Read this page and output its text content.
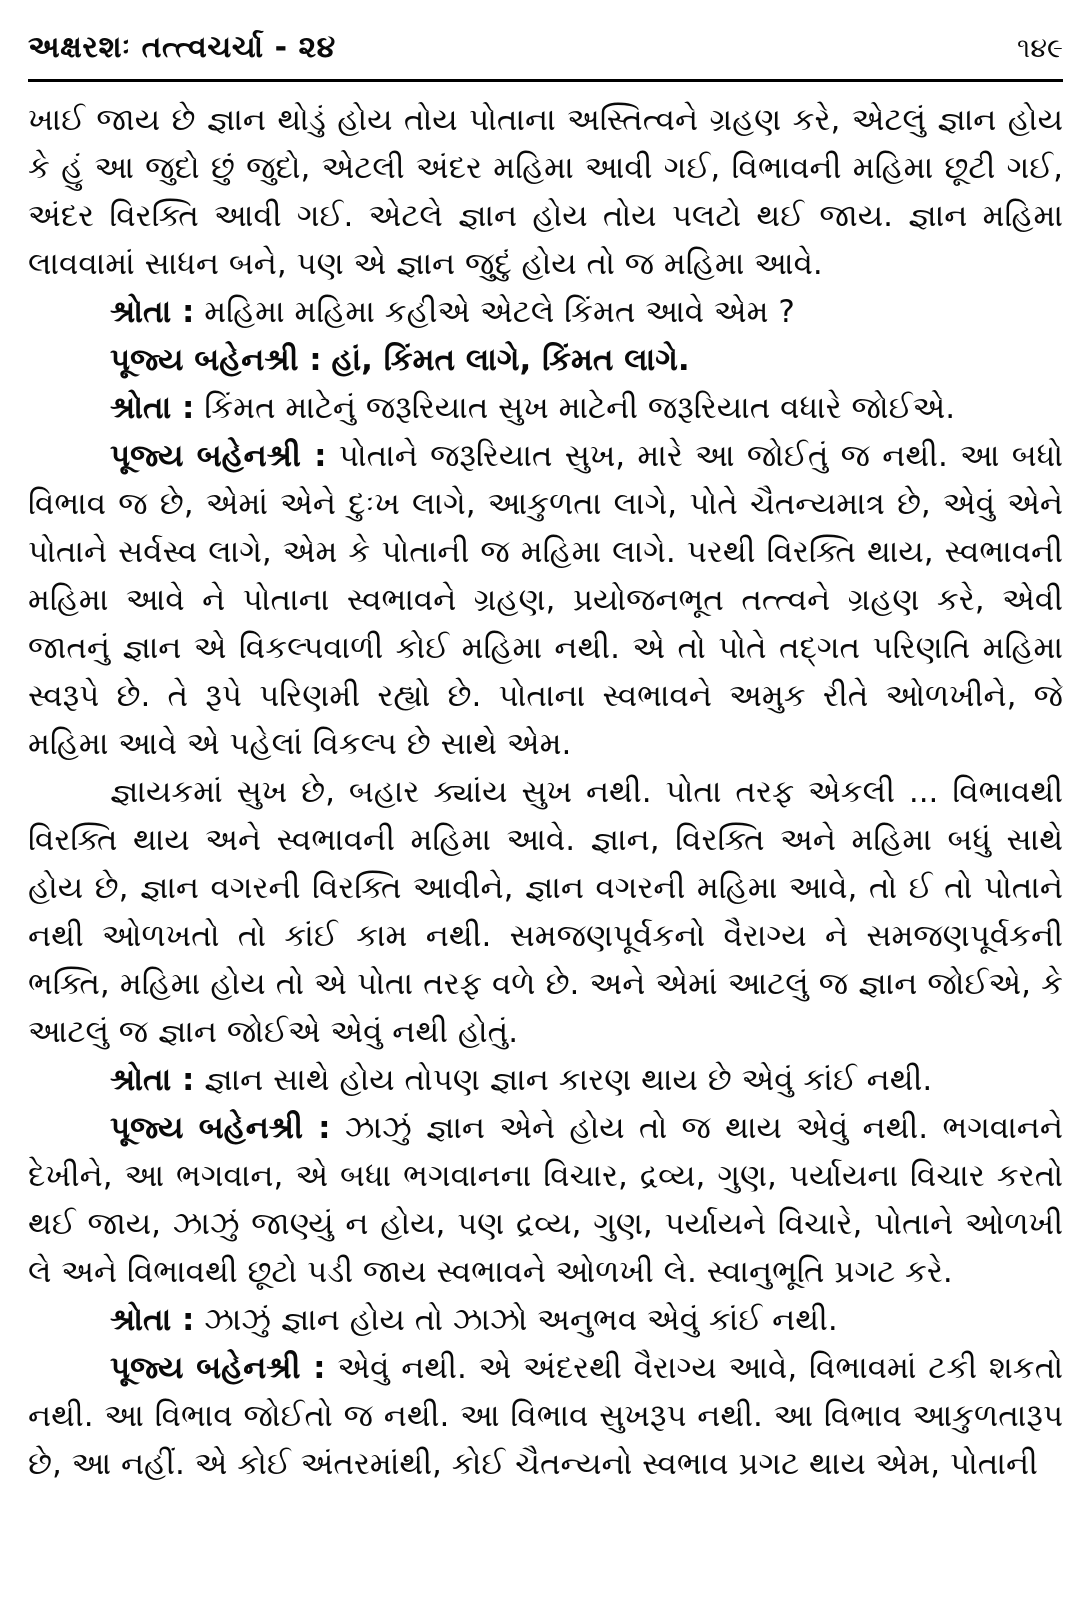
અક્ષરશઃ તત્ત્વચર્ચા - ૨૪	૧૪૯

ખાઈ જાય છે જ્ઞાન થોડું હોય તોય પોતાના અસ્તિત્વને ગ્રહણ કરે, એટલું જ્ઞાન હોય કે હું આ જુદો છું જુદો, એટલી અંદર મહિમા આવી ગઈ, વિભાવની મહિમા છૂટી ગઈ, અંદર વિરક્તિ આવી ગઈ. એટલે જ્ઞાન હોય તોય પલટો થઈ જાય. જ્ઞાન મહિમા લાવવામાં સાધન બને, પણ એ જ્ઞાન જુદું હોય તો જ મહિમા આવે.

શ્રોતા : મહિમા મહિમા કહીએ એટલે કિંમત આવે એમ ?

પૂજ્ય બહેનશ્રી : હાં, કિંમત લાગે, કિંમત લાગે.

શ્રોતા : કિંમત માટેનું જરૂરિયાત સુખ માટેની જરૂરિયાત વધારે જોઈએ.

પૂજ્ય બહેનશ્રી : પોતાને જરૂરિયાત સુખ, મારે આ જોઈતું જ નથી. આ બધો વિભાવ જ છે, એમાં એને દુઃખ લાગે, આકુળતા લાગે, પોતે ચૈતન્યમાત્ર છે, એવું એને પોતાને સર્વસ્વ લાગે, એમ કે પોતાની જ મહિમા લાગે. પરથી વિરક્તિ થાય, સ્વભાવની મહિમા આવે ને પોતાના સ્વભાવને ગ્રહણ, પ્રયોજનભૂત તત્ત્વને ગ્રહણ કરે, એવી જાતનું જ્ઞાન એ વિકલ્પવાળી કોઈ મહિમા નથી. એ તો પોતે તદ્ગત પરિણતિ મહિમા સ્વરૂપે છે. તે રૂપે પરિણમી રહ્યો છે. પોતાના સ્વભાવને અમુક રીતે ઓળખીને, જે મહિમા આવે એ પહેલાં વિકલ્પ છે સાથે એમ.

જ્ઞાયકમાં સુખ છે, બહાર ક્યાંય સુખ નથી. પોતા તરફ એકલી ... વિભાવથી વિરક્તિ થાય અને સ્વભાવની મહિમા આવે. જ્ઞાન, વિરક્તિ અને મહિમા બધું સાથે હોય છે, જ્ઞાન વગરની વિરક્તિ આવીને, જ્ઞાન વગરની મહિમા આવે, તો ઈ તો પોતાને નથી ઓળખતો તો કાંઈ કામ નથી. સમજણપૂર્વકનો વૈરાગ્ય ને સમજણપૂર્વકની ભક્તિ, મહિમા હોય તો એ પોતા તરફ વળે છે. અને એમાં આટલું જ જ્ઞાન જોઈએ, કે આટલું જ જ્ઞાન જોઈએ એવું નથી હોતું.

શ્રોતા : જ્ઞાન સાથે હોય તોપણ જ્ઞાન કારણ થાય છે એવું કાંઈ નથી.

પૂજ્ય બહેનશ્રી : ઝાઝું જ્ઞાન એને હોય તો જ થાય એવું નથી. ભગવાનને દેખીને, આ ભગવાન, એ બધા ભગવાનના વિચાર, દ્રવ્ય, ગુણ, પર્યાયના વિચાર કરતો થઈ જાય, ઝાઝું જાણ્યું ન હોય, પણ દ્રવ્ય, ગુણ, પર્યાયને વિચારે, પોતાને ઓળખી લે અને વિભાવથી છૂટો પડી જાય સ્વભાવને ઓળખી લે. સ્વાનુભૂતિ પ્રગટ કરે.

શ્રોતા : ઝાઝું જ્ઞાન હોય તો ઝાઝો અનુભવ એવું કાંઈ નથી.

પૂજ્ય બહેનશ્રી : એવું નથી. એ અંદરથી વૈરાગ્ય આવે, વિભાવમાં ટકી શકતો નથી. આ વિભાવ જોઈતો જ નથી. આ વિભાવ સુખરૂપ નથી. આ વિભાવ આકુળતારૂપ છે, આ નહીં. એ કોઈ અંતરમાંથી, કોઈ ચૈતન્યનો સ્વભાવ પ્રગટ થાય એમ, પોતાની
